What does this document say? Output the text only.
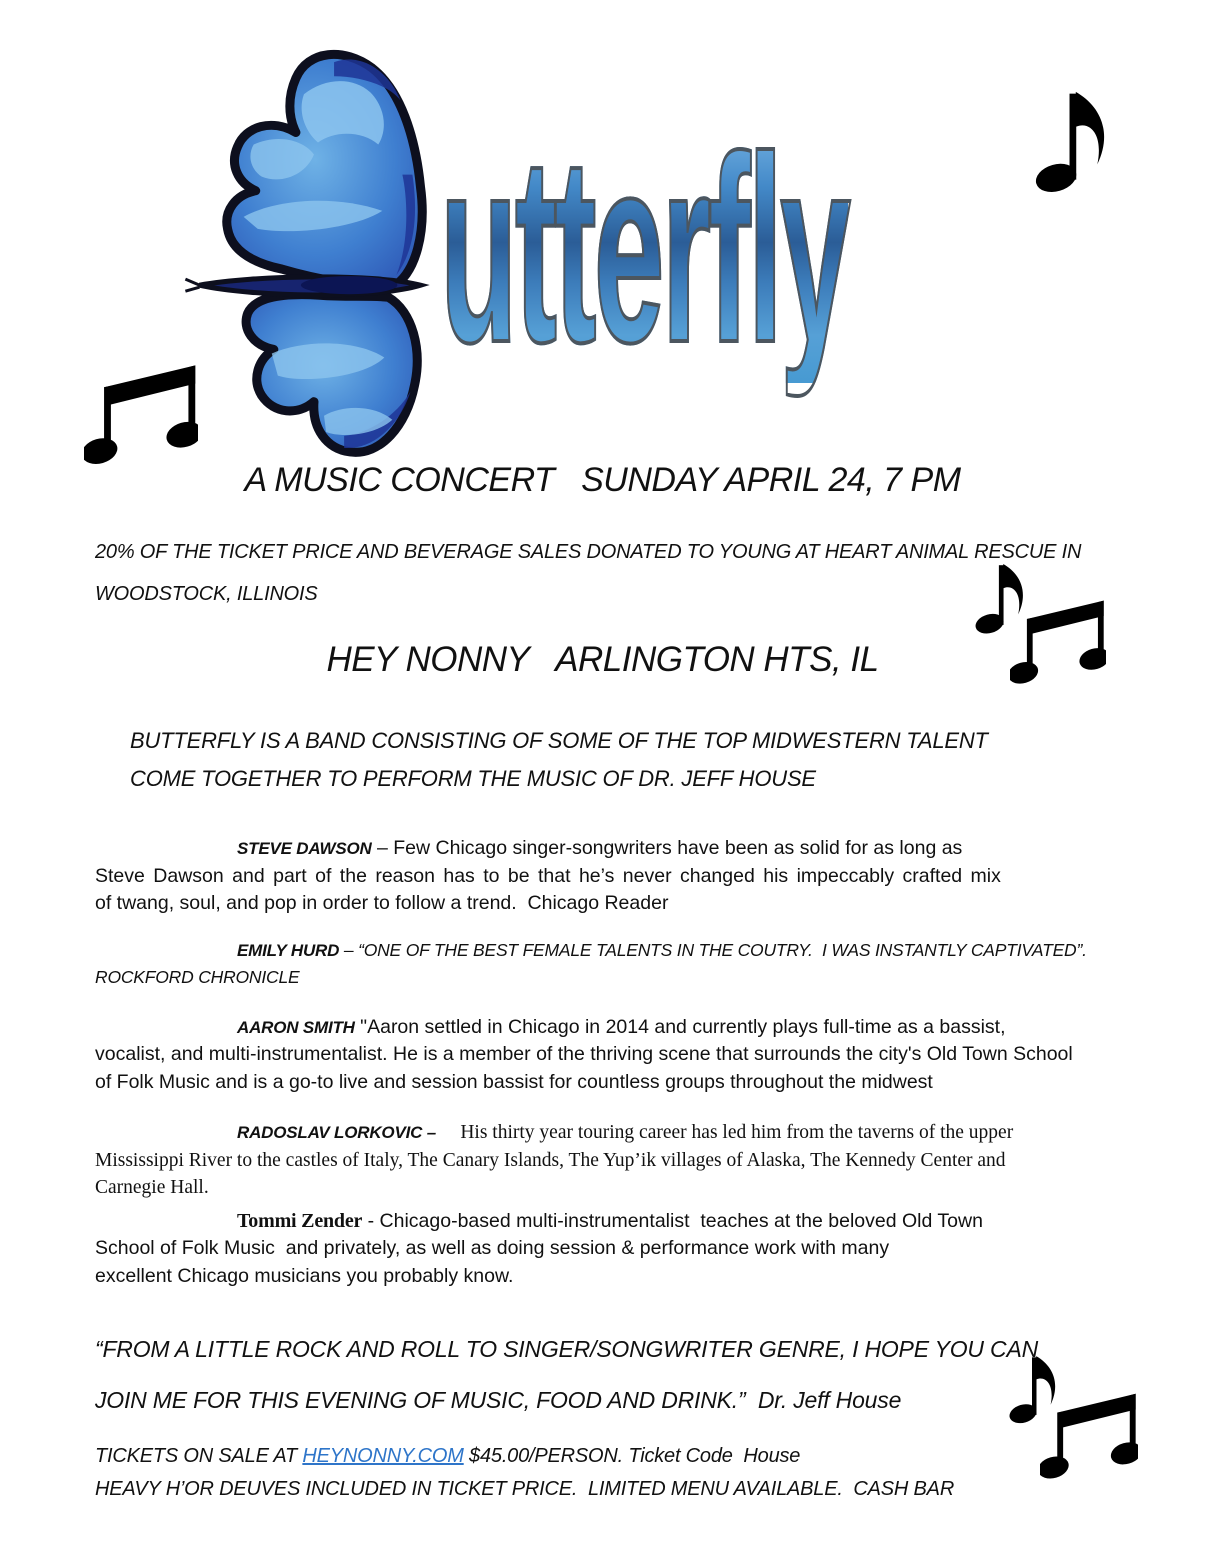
utterfly
A MUSIC CONCERT   SUNDAY APRIL 24, 7 PM
20% OF THE TICKET PRICE AND BEVERAGE SALES DONATED TO YOUNG AT HEART ANIMAL RESCUE IN
WOODSTOCK, ILLINOIS
HEY NONNY   ARLINGTON HTS, IL
BUTTERFLY IS A BAND CONSISTING OF SOME OF THE TOP MIDWESTERN TALENT
COME TOGETHER TO PERFORM THE MUSIC OF DR. JEFF HOUSE
STEVE DAWSON – Few Chicago singer-songwriters have been as solid for as long as
Steve Dawson and part of the reason has to be that he’s never changed his impeccably crafted mix
of twang, soul, and pop in order to follow a trend.  Chicago Reader
EMILY HURD – “ONE OF THE BEST FEMALE TALENTS IN THE COUTRY.  I WAS INSTANTLY CAPTIVATED”.
ROCKFORD CHRONICLE
AARON SMITH "Aaron settled in Chicago in 2014 and currently plays full-time as a bassist,
vocalist, and multi-instrumentalist. He is a member of the thriving scene that surrounds the city's Old Town School
of Folk Music and is a go-to live and session bassist for countless groups throughout the midwest
RADOSLAV LORKOVIC –     His thirty year touring career has led him from the taverns of the upper
Mississippi River to the castles of Italy, The Canary Islands, The Yup’ik villages of Alaska, The Kennedy Center and
Carnegie Hall.
Tommi Zender - Chicago-based multi-instrumentalist  teaches at the beloved Old Town
School of Folk Music  and privately, as well as doing session & performance work with many
excellent Chicago musicians you probably know.
“FROM A LITTLE ROCK AND ROLL TO SINGER/SONGWRITER GENRE, I HOPE YOU CAN
JOIN ME FOR THIS EVENING OF MUSIC, FOOD AND DRINK.”  Dr. Jeff House
TICKETS ON SALE AT HEYNONNY.COM $45.00/PERSON. Ticket Code  House
HEAVY H’OR DEUVES INCLUDED IN TICKET PRICE.  LIMITED MENU AVAILABLE.  CASH BAR
